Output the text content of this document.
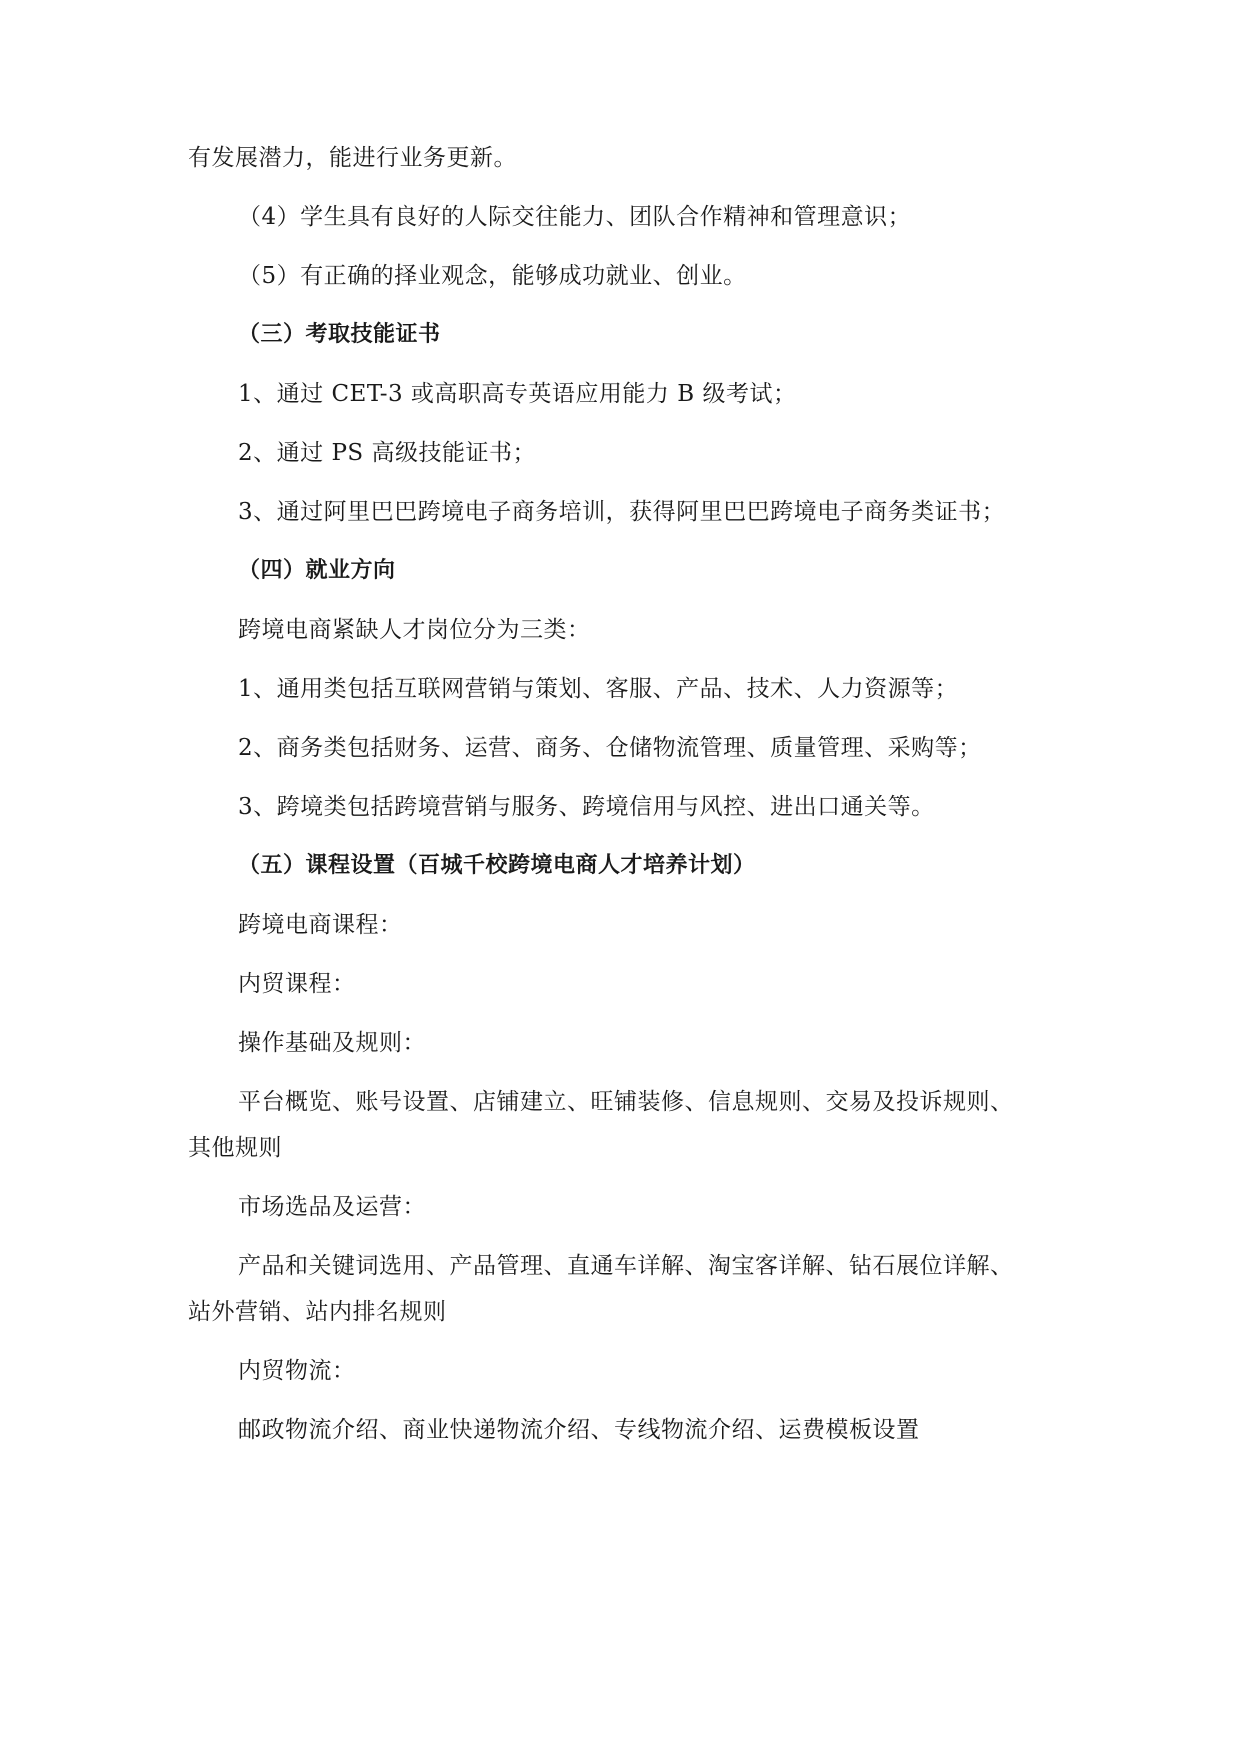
有发展潜力，能进行业务更新。
（4）学生具有良好的人际交往能力、团队合作精神和管理意识；
（5）有正确的择业观念，能够成功就业、创业。
（三）考取技能证书
1、通过 CET-3 或高职高专英语应用能力 B 级考试；
2、通过 PS 高级技能证书；
3、通过阿里巴巴跨境电子商务培训，获得阿里巴巴跨境电子商务类证书；
（四）就业方向
跨境电商紧缺人才岗位分为三类：
1、通用类包括互联网营销与策划、客服、产品、技术、人力资源等；
2、商务类包括财务、运营、商务、仓储物流管理、质量管理、采购等；
3、跨境类包括跨境营销与服务、跨境信用与风控、进出口通关等。
（五）课程设置（百城千校跨境电商人才培养计划）
跨境电商课程：
内贸课程：
操作基础及规则：
平台概览、账号设置、店铺建立、旺铺装修、信息规则、交易及投诉规则、
其他规则
市场选品及运营：
产品和关键词选用、产品管理、直通车详解、淘宝客详解、钻石展位详解、
站外营销、站内排名规则
内贸物流：
邮政物流介绍、商业快递物流介绍、专线物流介绍、运费模板设置
